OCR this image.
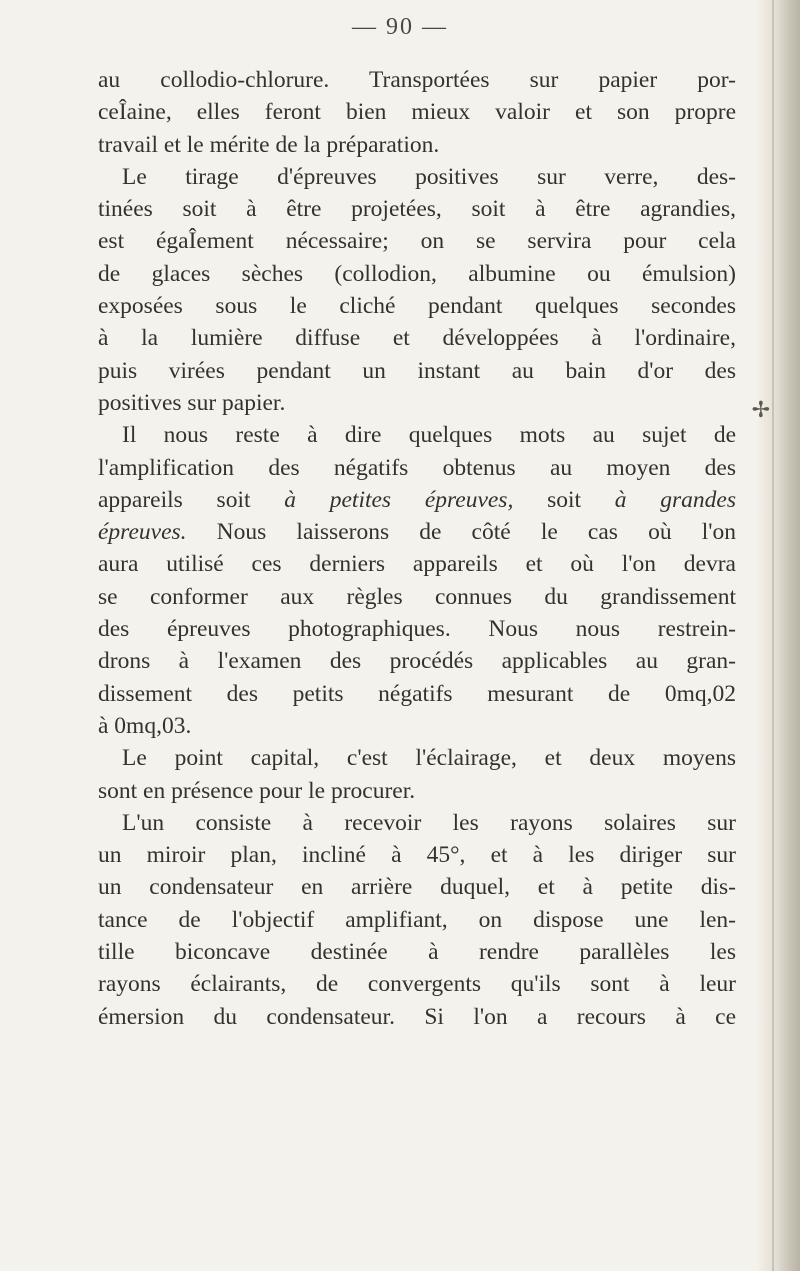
✢
— 90 —
au collodio-chlorure. Transportées sur papier por-
ceÎaine, elles feront bien mieux valoir et son propre
travail et le mérite de la préparation.
Le tirage d'épreuves positives sur verre, des-
tinées soit à être projetées, soit à être agrandies,
est égaÎement nécessaire; on se servira pour cela
de glaces sèches (collodion, albumine ou émulsion)
exposées sous le cliché pendant quelques secondes
à la lumière diffuse et développées à l'ordinaire,
puis virées pendant un instant au bain d'or des
positives sur papier.
Il nous reste à dire quelques mots au sujet de
l'amplification des négatifs obtenus au moyen des
appareils soit à petites épreuves, soit à grandes
épreuves. Nous laisserons de côté le cas où l'on
aura utilisé ces derniers appareils et où l'on devra
se conformer aux règles connues du grandissement
des épreuves photographiques. Nous nous restrein-
drons à l'examen des procédés applicables au gran-
dissement des petits négatifs mesurant de 0mq,02
à 0mq,03.
Le point capital, c'est l'éclairage, et deux moyens
sont en présence pour le procurer.
L'un consiste à recevoir les rayons solaires sur
un miroir plan, incliné à 45°, et à les diriger sur
un condensateur en arrière duquel, et à petite dis-
tance de l'objectif amplifiant, on dispose une len-
tille biconcave destinée à rendre parallèles les
rayons éclairants, de convergents qu'ils sont à leur
émersion du condensateur. Si l'on a recours à ce
